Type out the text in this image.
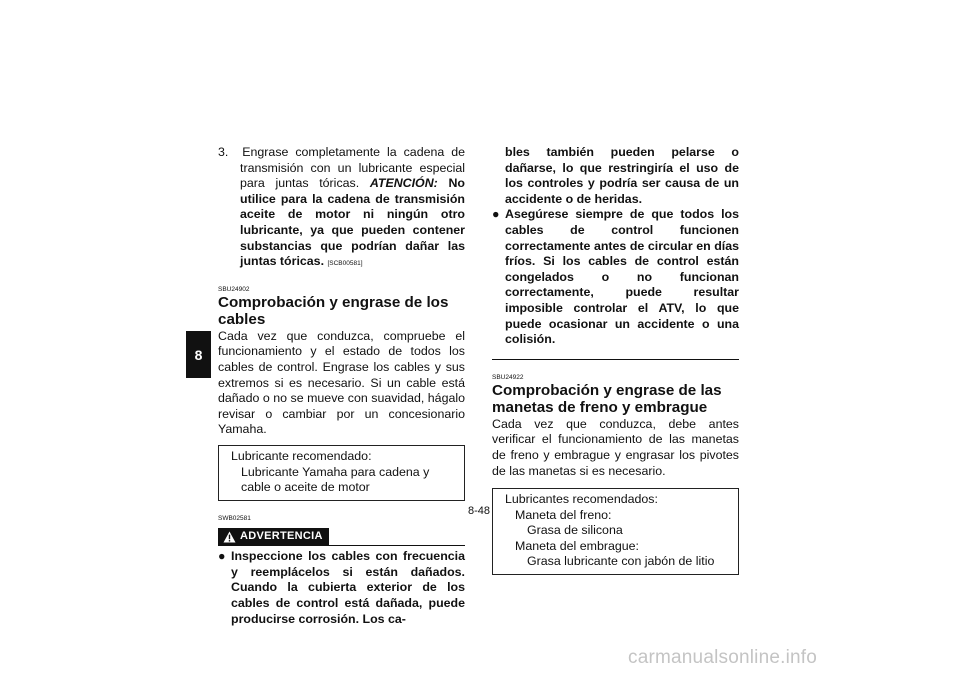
8
3. Engrase completamente la cadena de transmisión con un lubricante especial para juntas tóricas. ATENCIÓN: No utilice para la cadena de transmisión aceite de motor ni ningún otro lubricante, ya que pueden contener substancias que podrían dañar las juntas tóricas. [SCB00581]
SBU24902
Comprobación y engrase de los cables
Cada vez que conduzca, compruebe el funcionamiento y el estado de todos los cables de control. Engrase los cables y sus extremos si es necesario. Si un cable está dañado o no se mueve con suavidad, hágalo revisar o cambiar por un concesionario Yamaha.
Lubricante recomendado:
Lubricante Yamaha para cadena y cable o aceite de motor
SWB02581
ADVERTENCIA
● Inspeccione los cables con frecuencia y reemplácelos si están dañados. Cuando la cubierta exterior de los cables de control está dañada, puede producirse corrosión. Los ca-
bles también pueden pelarse o dañarse, lo que restringiría el uso de los controles y podría ser causa de un accidente o de heridas.
● Asegúrese siempre de que todos los cables de control funcionen correctamente antes de circular en días fríos. Si los cables de control están congelados o no funcionan correctamente, puede resultar imposible controlar el ATV, lo que puede ocasionar un accidente o una colisión.
SBU24922
Comprobación y engrase de las manetas de freno y embrague
Cada vez que conduzca, debe antes verificar el funcionamiento de las manetas de freno y embrague y engrasar los pivotes de las manetas si es necesario.
Lubricantes recomendados:
Maneta del freno:
Grasa de silicona
Maneta del embrague:
Grasa lubricante con jabón de litio
8-48
carmanualsonline.info
